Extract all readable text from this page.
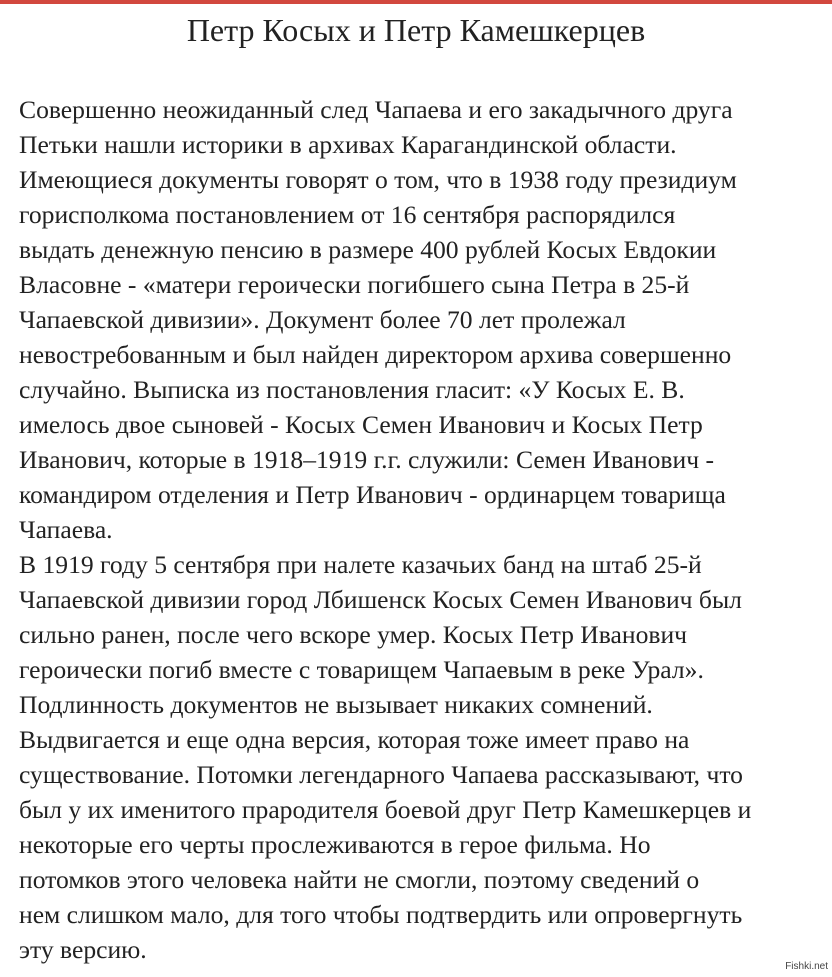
Петр Косых и Петр Камешкерцев
Совершенно неожиданный след Чапаева и его закадычного друга
Петьки нашли историки в архивах Карагандинской области.
Имеющиеся документы говорят о том, что в 1938 году президиум
горисполкома постановлением от 16 сентября распорядился
выдать денежную пенсию в размере 400 рублей Косых Евдокии
Власовне - «матери героически погибшего сына Петра в 25-й
Чапаевской дивизии». Документ более 70 лет пролежал
невостребованным и был найден директором архива совершенно
случайно. Выписка из постановления гласит: «У Косых Е. В.
имелось двое сыновей - Косых Семен Иванович и Косых Петр
Иванович, которые в 1918–1919 г.г. служили: Семен Иванович -
командиром отделения и Петр Иванович - ординарцем товарища
Чапаева.
В 1919 году 5 сентября при налете казачьих банд на штаб 25-й
Чапаевской дивизии город Лбишенск Косых Семен Иванович был
сильно ранен, после чего вскоре умер. Косых Петр Иванович
героически погиб вместе с товарищем Чапаевым в реке Урал».
Подлинность документов не вызывает никаких сомнений.
Выдвигается и еще одна версия, которая тоже имеет право на
существование. Потомки легендарного Чапаева рассказывают, что
был у их именитого прародителя боевой друг Петр Камешкерцев и
некоторые его черты прослеживаются в герое фильма. Но
потомков этого человека найти не смогли, поэтому сведений о
нем слишком мало, для того чтобы подтвердить или опровергнуть
эту версию.
Fishki.net
